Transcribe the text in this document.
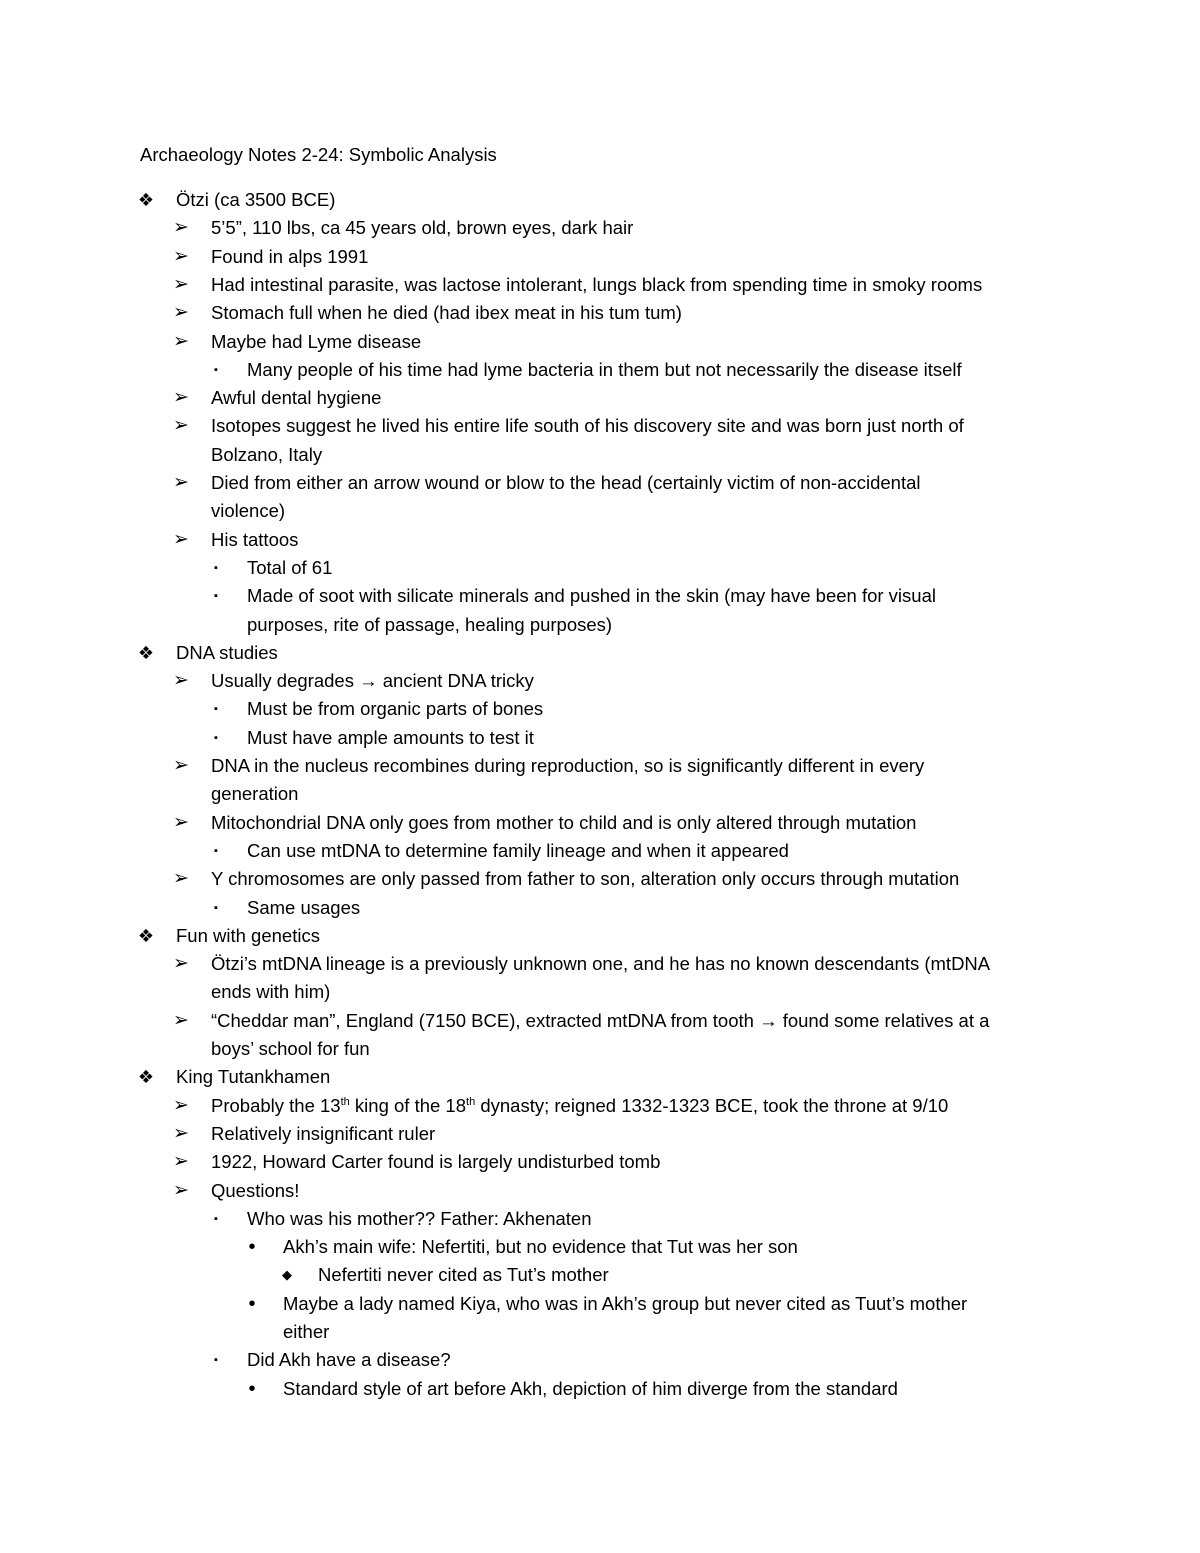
Archaeology Notes 2-24: Symbolic Analysis
❖ Ötzi (ca 3500 BCE)
➢ 5’5”, 110 lbs, ca 45 years old, brown eyes, dark hair
➢ Found in alps 1991
➢ Had intestinal parasite, was lactose intolerant, lungs black from spending time in smoky rooms
➢ Stomach full when he died (had ibex meat in his tum tum)
➢ Maybe had Lyme disease
▪	Many people of his time had lyme bacteria in them but not necessarily the disease itself
➢ Awful dental hygiene
➢ Isotopes suggest he lived his entire life south of his discovery site and was born just north of
Bolzano, Italy
➢ Died from either an arrow wound or blow to the head (certainly victim of non-accidental
violence)
➢ His tattoos
▪	Total of 61
▪	Made of soot with silicate minerals and pushed in the skin (may have been for visual
purposes, rite of passage, healing purposes)
❖ DNA studies
➢ Usually degrades → ancient DNA tricky
▪	Must be from organic parts of bones
▪	Must have ample amounts to test it
➢ DNA in the nucleus recombines during reproduction, so is significantly different in every
generation
➢ Mitochondrial DNA only goes from mother to child and is only altered through mutation
▪	Can use mtDNA to determine family lineage and when it appeared
➢ Y chromosomes are only passed from father to son, alteration only occurs through mutation
▪	Same usages
❖ Fun with genetics
➢ Ötzi’s mtDNA lineage is a previously unknown one, and he has no known descendants (mtDNA
ends with him)
➢ “Cheddar man”, England (7150 BCE), extracted mtDNA from tooth → found some relatives at a
boys’ school for fun
❖ King Tutankhamen
➢ Probably the 13th king of the 18th dynasty; reigned 1332-1323 BCE, took the throne at 9/10
➢ Relatively insignificant ruler
➢ 1922, Howard Carter found is largely undisturbed tomb
➢ Questions!
▪	Who was his mother?? Father: Akhenaten
•	Akh’s main wife: Nefertiti, but no evidence that Tut was her son
◆ Nefertiti never cited as Tut’s mother
•	Maybe a lady named Kiya, who was in Akh’s group but never cited as Tuut’s mother
either
▪	Did Akh have a disease?
•	Standard style of art before Akh, depiction of him diverge from the standard
